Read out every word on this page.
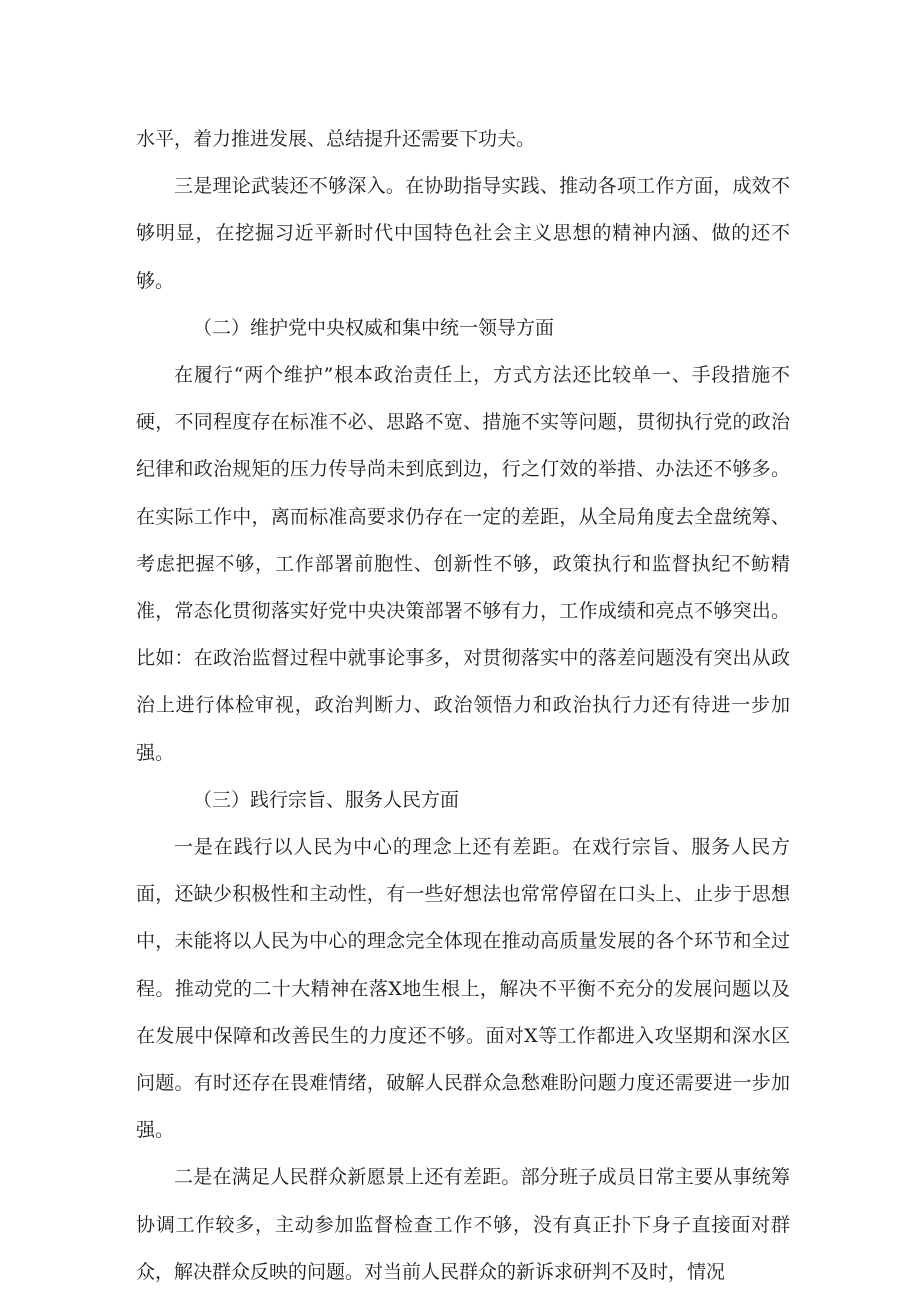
水平，着力推进发展、总结提升还需要下功夫。

三是理论武装还不够深入。在协助指导实践、推动各项工作方面，成效不够明显，在挖掘习近平新时代中国特色社会主义思想的精神内涵、做的还不够。

（二）维护党中央权威和集中统一领导方面

在履行“两个维护”根本政治责任上，方式方法还比较单一、手段措施不硬，不同程度存在标准不必、思路不宽、措施不实等问题，贯彻执行党的政治纪律和政治规矩的压力传导尚未到底到边，行之仃效的举措、办法还不够多。在实际工作中，离而标准高要求仍存在一定的差距，从全局角度去全盘统筹、考虑把握不够，工作部署前胞性、创新性不够，政策执行和监督执纪不鲂精准，常态化贯彻落实好党中央决策部署不够有力，工作成绩和亮点不够突出。比如：在政治监督过程中就事论事多，对贯彻落实中的落差问题没有突出从政治上进行体检审视，政治判断力、政治领悟力和政治执行力还有待进一步加强。

（三）践行宗旨、服务人民方面

一是在践行以人民为中心的理念上还有差距。在戏行宗旨、服务人民方面，还缺少积极性和主动性，有一些好想法也常常停留在口头上、止步于思想中，未能将以人民为中心的理念完全体现在推动高质量发展的各个环节和全过程。推动党的二十大精神在落X地生根上，解决不平衡不充分的发展问题以及在发展中保障和改善民生的力度还不够。面对X等工作都进入攻坚期和深水区问题。有时还存在畏难情绪，破解人民群众急愁难盼问题力度还需要进一步加强。

二是在满足人民群众新愿景上还有差距。部分班子成员日常主要从事统筹协调工作较多，主动参加监督检查工作不够，没有真正扑下身子直接面对群众，解决群众反映的问题。对当前人民群众的新诉求研判不及时，情况
